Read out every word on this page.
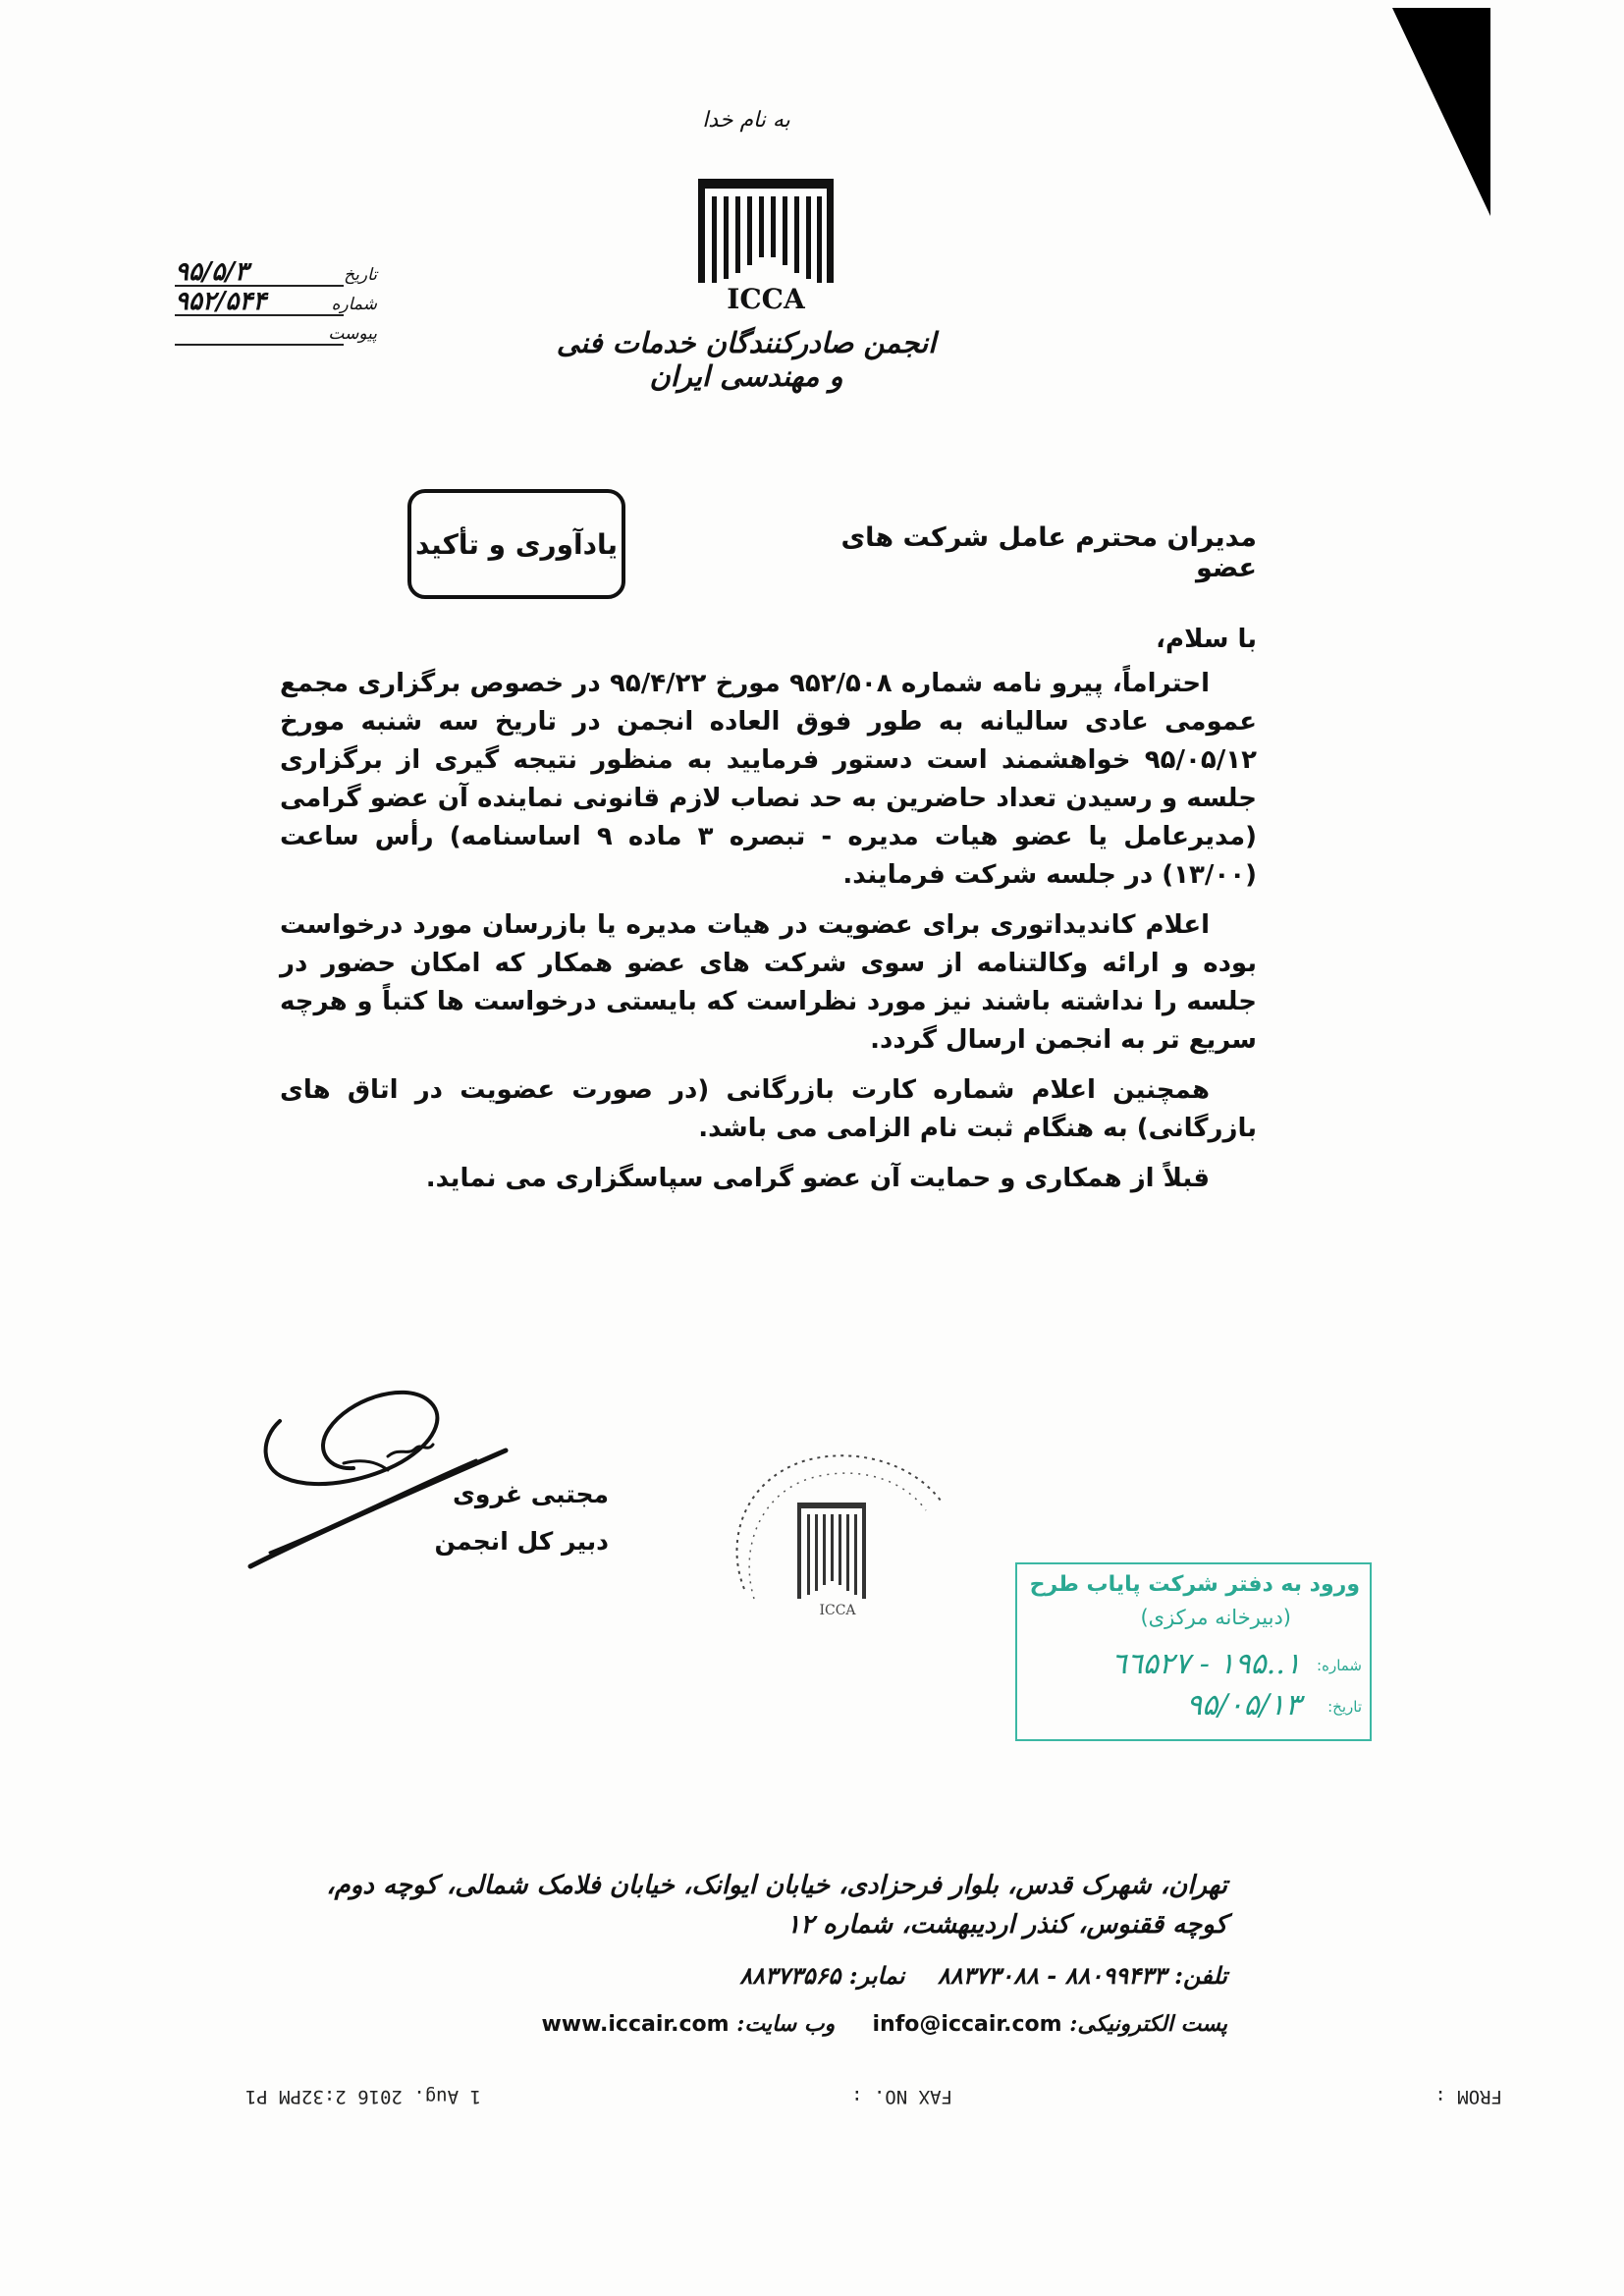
به نام خدا
ICCA
انجمن صادرکنندگان خدمات فنی و مهندسی ایران
تاریخ
۹۵/۵/۳
شماره
۹۵۲/۵۴۴
پیوست
یادآوری و تأکید	مدیران محترم عامل شرکت های عضو

با سلام،

احتراماً، پیرو نامه شماره ۹۵۲/۵۰۸ مورخ ۹۵/۴/۲۲ در خصوص برگزاری مجمع عمومی عادی سالیانه به طور فوق العاده انجمن در تاریخ سه شنبه مورخ ۹۵/۰۵/۱۲ خواهشمند است دستور فرمایید به منظور نتیجه گیری از برگزاری جلسه و رسیدن تعداد حاضرین به حد نصاب لازم قانونی نماینده آن عضو گرامی (مدیرعامل یا عضو هیات مدیره - تبصره ۳ ماده ۹ اساسنامه) رأس ساعت (۱۳/۰۰) در جلسه شرکت فرمایند.

اعلام کاندیداتوری برای عضویت در هیات مدیره یا بازرسان مورد درخواست بوده و ارائه وکالتنامه از سوی شرکت های عضو همکار که امکان حضور در جلسه را نداشته باشند نیز مورد نظراست که بایستی درخواست ها کتباً و هرچه سریع تر به انجمن ارسال گردد.

همچنین اعلام شماره کارت بازرگانی (در صورت عضویت در اتاق های بازرگانی) به هنگام ثبت نام الزامی می باشد.

قبلاً از همکاری و حمایت آن عضو گرامی سپاسگزاری می نماید.

مجتبی غروی
دبیر کل انجمن
ICCA
ورود به دفتر شرکت پایاب طرح
(دبیرخانه مرکزی)
شماره:
۱..۱۹۵ - ٦٦۵۲۷
تاریخ:
۹۵/۰۵/۱۳
تهران، شهرک قدس، بلوار فرحزادی، خیابان ایوانک، خیابان فلامک شمالی، کوچه دوم، کوچه ققنوس، کنذر اردیبهشت، شماره ۱۲
تلفن: ۸۸۰۹۹۴۳۳ - ۸۸۳۷۳۰۸۸    نمابر: ۸۸۳۷۳۵۶۵
پست الکترونیکی: info@iccair.com     وب سایت: www.iccair.com
FROM :
FAX NO. :
1 Aug. 2016 2:32PM P1
